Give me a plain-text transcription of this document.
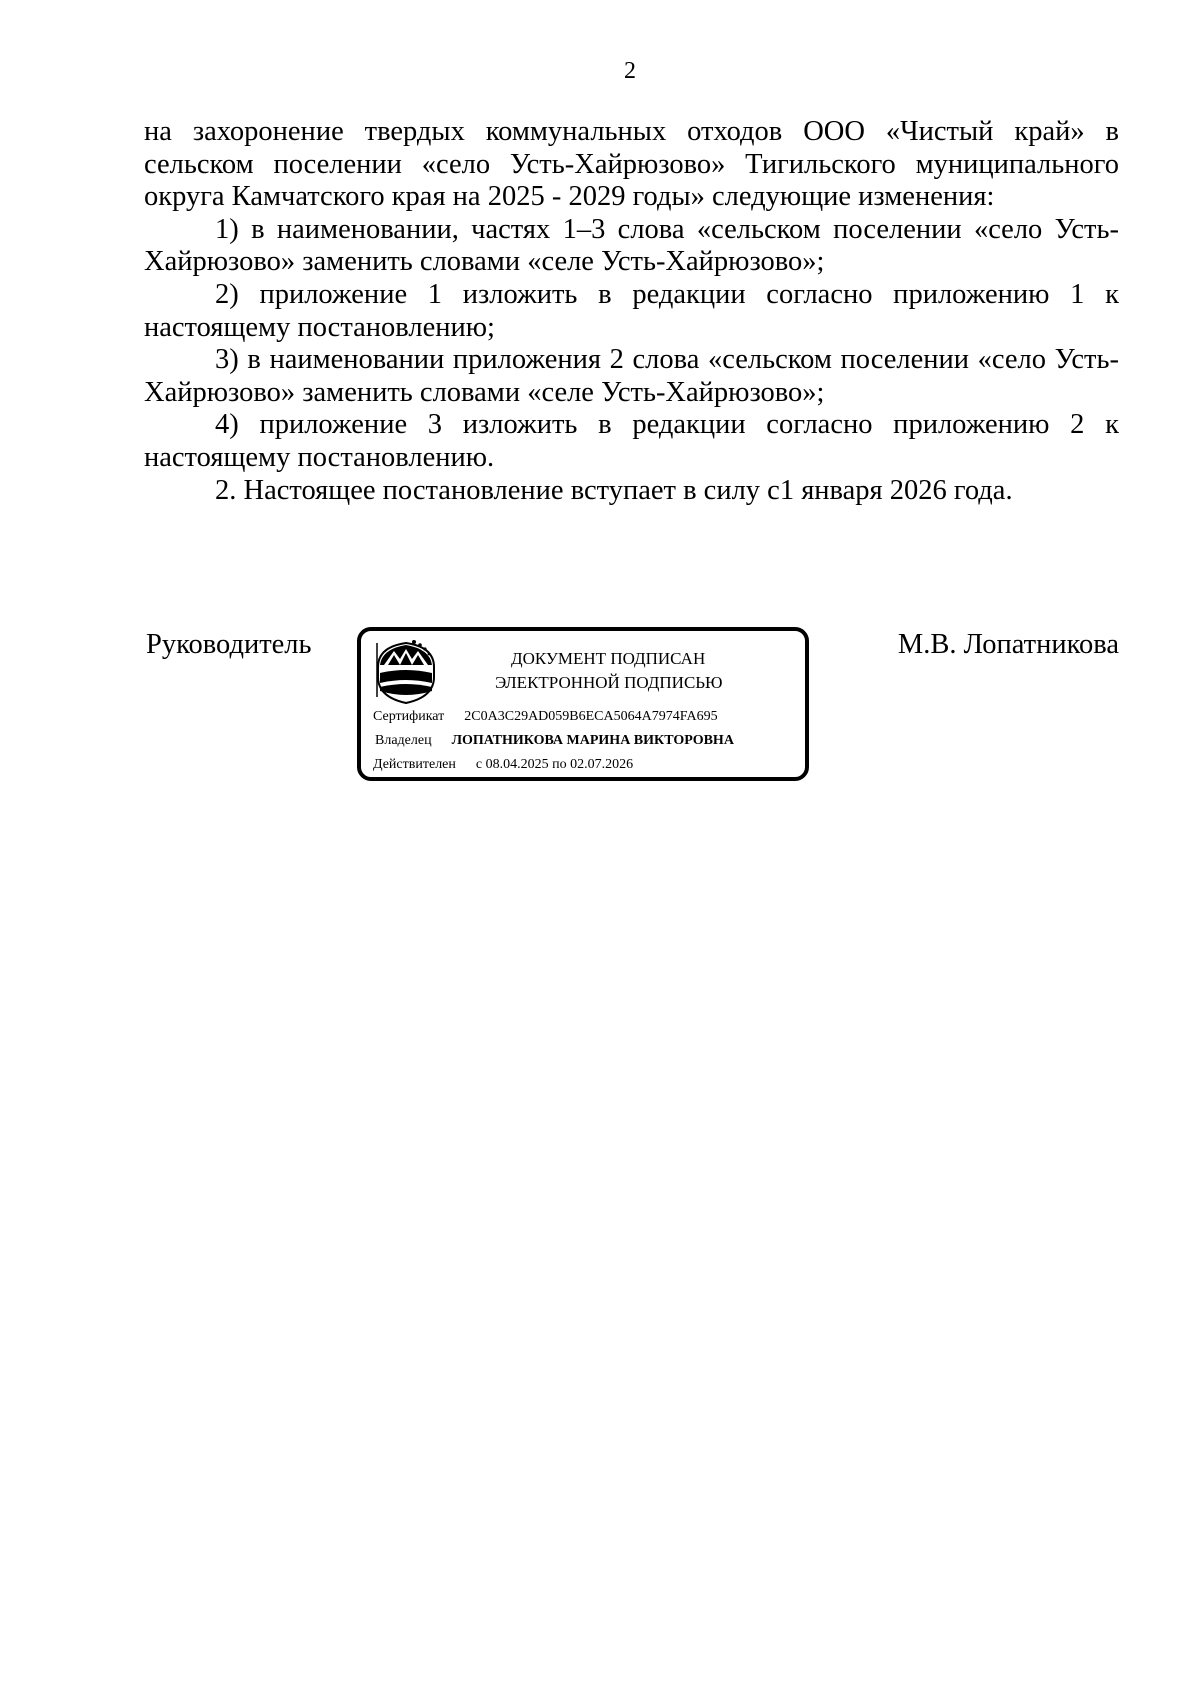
2

на захоронение твердых коммунальных отходов ООО «Чистый край» в сельском поселении «село Усть-Хайрюзово» Тигильского муниципального округа Камчатского края на 2025 - 2029 годы» следующие изменения:

1) в наименовании, частях 1–3 слова «сельском поселении «село Усть-Хайрюзово» заменить словами «селе Усть-Хайрюзово»;

2) приложение 1 изложить в редакции согласно приложению 1 к настоящему постановлению;

3) в наименовании приложения 2 слова «сельском поселении «село Усть-Хайрюзово» заменить словами «селе Усть-Хайрюзово»;

4) приложение 3 изложить в редакции согласно приложению 2 к настоящему постановлению.

2. Настоящее постановление вступает в силу с1 января 2026 года.

Руководитель	ДОКУМЕНТ ПОДПИСАН
ЭЛЕКТРОННОЙ ПОДПИСЬЮ
Сертификат 2C0A3C29AD059B6ECA5064A7974FA695
Владелец ЛОПАТНИКОВА МАРИНА ВИКТОРОВНА
Действителен с 08.04.2025 по 02.07.2026
М.В. Лопатникова
